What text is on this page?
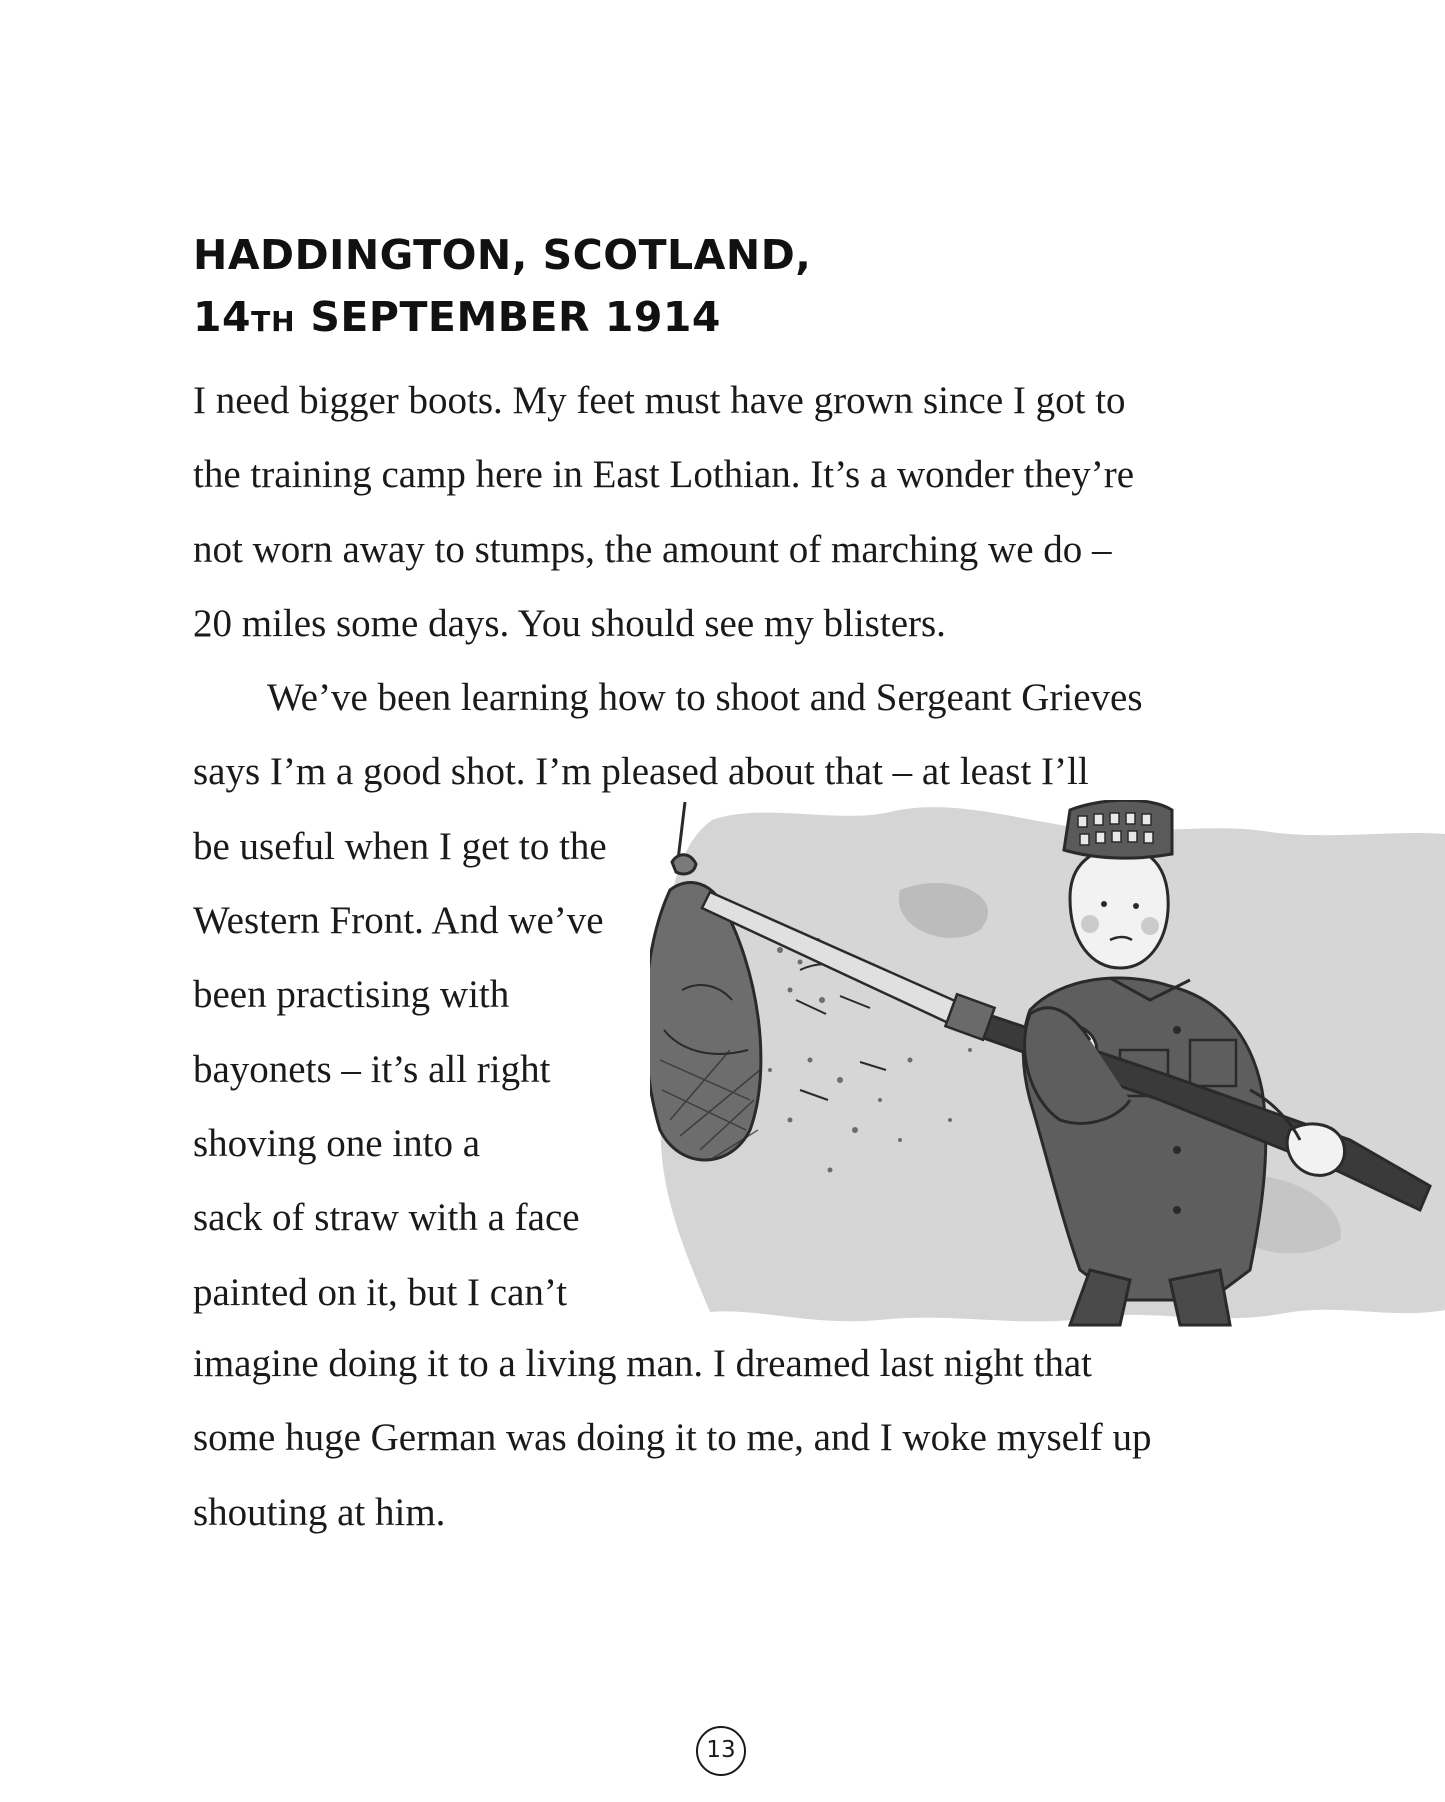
HADDINGTON, SCOTLAND,
14TH SEPTEMBER 1914
I need bigger boots. My feet must have grown since I got to
the training camp here in East Lothian. It’s a wonder they’re
not worn away to stumps, the amount of marching we do –
20 miles some days. You should see my blisters.
We’ve been learning how to shoot and Sergeant Grieves
says I’m a good shot. I’m pleased about that – at least I’ll
be useful when I get to the
Western Front. And we’ve
been practising with
bayonets – it’s all right
shoving one into a
sack of straw with a face
painted on it, but I can’t
imagine doing it to a living man. I dreamed last night that
some huge German was doing it to me, and I woke myself up
shouting at him.
13
